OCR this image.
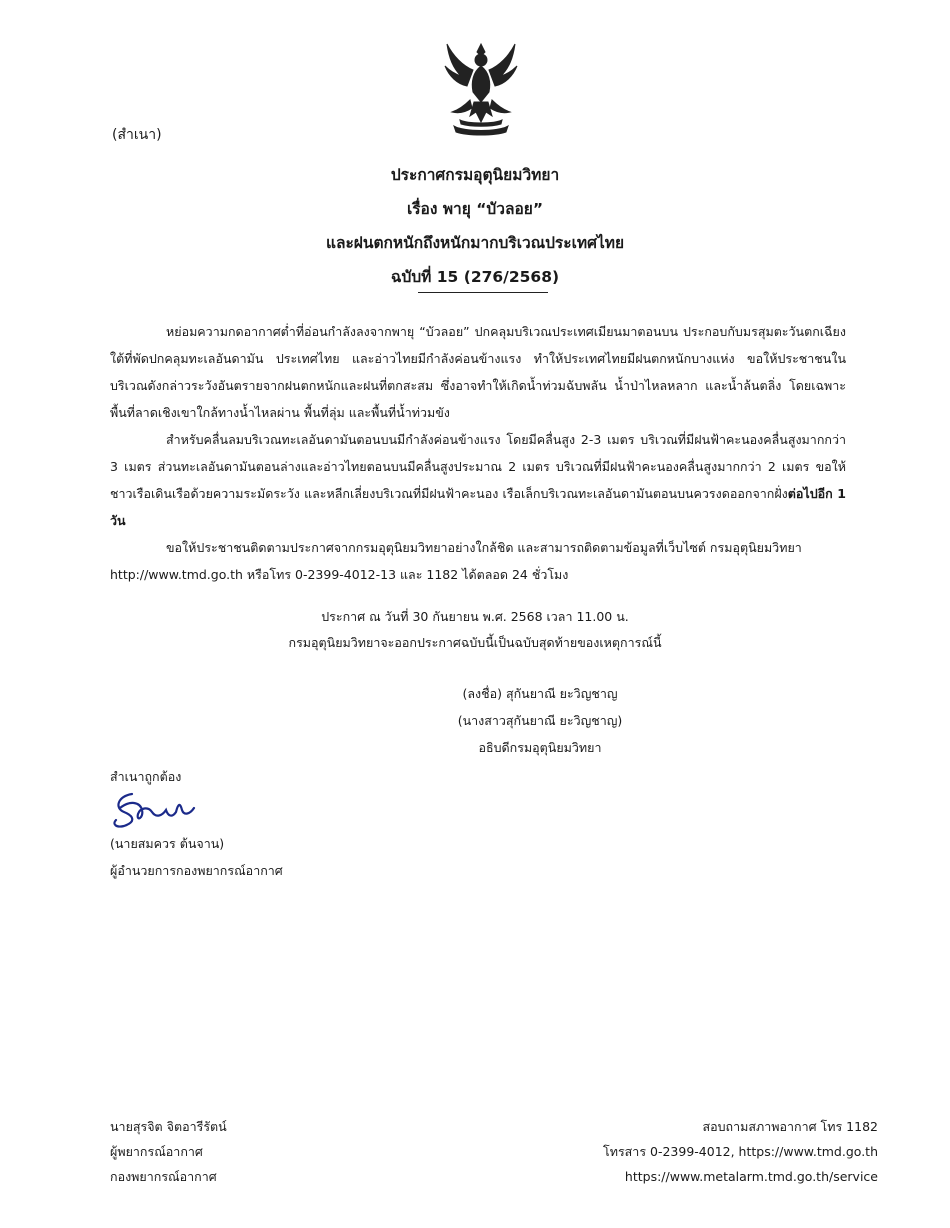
(สำเนา)
ประกาศกรมอุตุนิยมวิทยา
เรื่อง พายุ “บัวลอย”
และฝนตกหนักถึงหนักมากบริเวณประเทศไทย
ฉบับที่ 15 (276/2568)

หย่อมความกดอากาศต่ำที่อ่อนกำลังลงจากพายุ “บัวลอย” ปกคลุมบริเวณประเทศเมียนมาตอนบน ประกอบกับมรสุมตะวันตกเฉียงใต้ที่พัดปกคลุมทะเลอันดามัน ประเทศไทย และอ่าวไทยมีกำลังค่อนข้างแรง ทำให้ประเทศไทยมีฝนตกหนักบางแห่ง ขอให้ประชาชนในบริเวณดังกล่าวระวังอันตรายจากฝนตกหนักและฝนที่ตกสะสม ซึ่งอาจทำให้เกิดน้ำท่วมฉับพลัน น้ำป่าไหลหลาก และน้ำล้นตลิ่ง โดยเฉพาะพื้นที่ลาดเชิงเขาใกล้ทางน้ำไหลผ่าน พื้นที่ลุ่ม และพื้นที่น้ำท่วมขัง

สำหรับคลื่นลมบริเวณทะเลอันดามันตอนบนมีกำลังค่อนข้างแรง โดยมีคลื่นสูง 2-3 เมตร บริเวณที่มีฝนฟ้าคะนองคลื่นสูงมากกว่า 3 เมตร ส่วนทะเลอันดามันตอนล่างและอ่าวไทยตอนบนมีคลื่นสูงประมาณ 2 เมตร บริเวณที่มีฝนฟ้าคะนองคลื่นสูงมากกว่า 2 เมตร ขอให้ชาวเรือเดินเรือด้วยความระมัดระวัง และหลีกเลี่ยงบริเวณที่มีฝนฟ้าคะนอง เรือเล็กบริเวณทะเลอันดามันตอนบนควรงดออกจากฝั่งต่อไปอีก 1 วัน

ขอให้ประชาชนติดตามประกาศจากกรมอุตุนิยมวิทยาอย่างใกล้ชิด และสามารถติดตามข้อมูลที่เว็บไซต์ กรมอุตุนิยมวิทยา

http://www.tmd.go.th หรือโทร 0-2399-4012-13 และ 1182 ได้ตลอด 24 ชั่วโมง

ประกาศ ณ วันที่ 30 กันยายน พ.ศ. 2568 เวลา 11.00 น.
กรมอุตุนิยมวิทยาจะออกประกาศฉบับนี้เป็นฉบับสุดท้ายของเหตุการณ์นี้
(ลงชื่อ) สุกันยาณี ยะวิญชาญ
(นางสาวสุกันยาณี ยะวิญชาญ)
อธิบดีกรมอุตุนิยมวิทยา
สำเนาถูกต้อง
(นายสมควร ต้นจาน)
ผู้อำนวยการกองพยากรณ์อากาศ
นายสุรจิต จิตอารีรัตน์
ผู้พยากรณ์อากาศ
กองพยากรณ์อากาศ
สอบถามสภาพอากาศ โทร 1182
โทรสาร 0-2399-4012, https://www.tmd.go.th
https://www.metalarm.tmd.go.th/service
